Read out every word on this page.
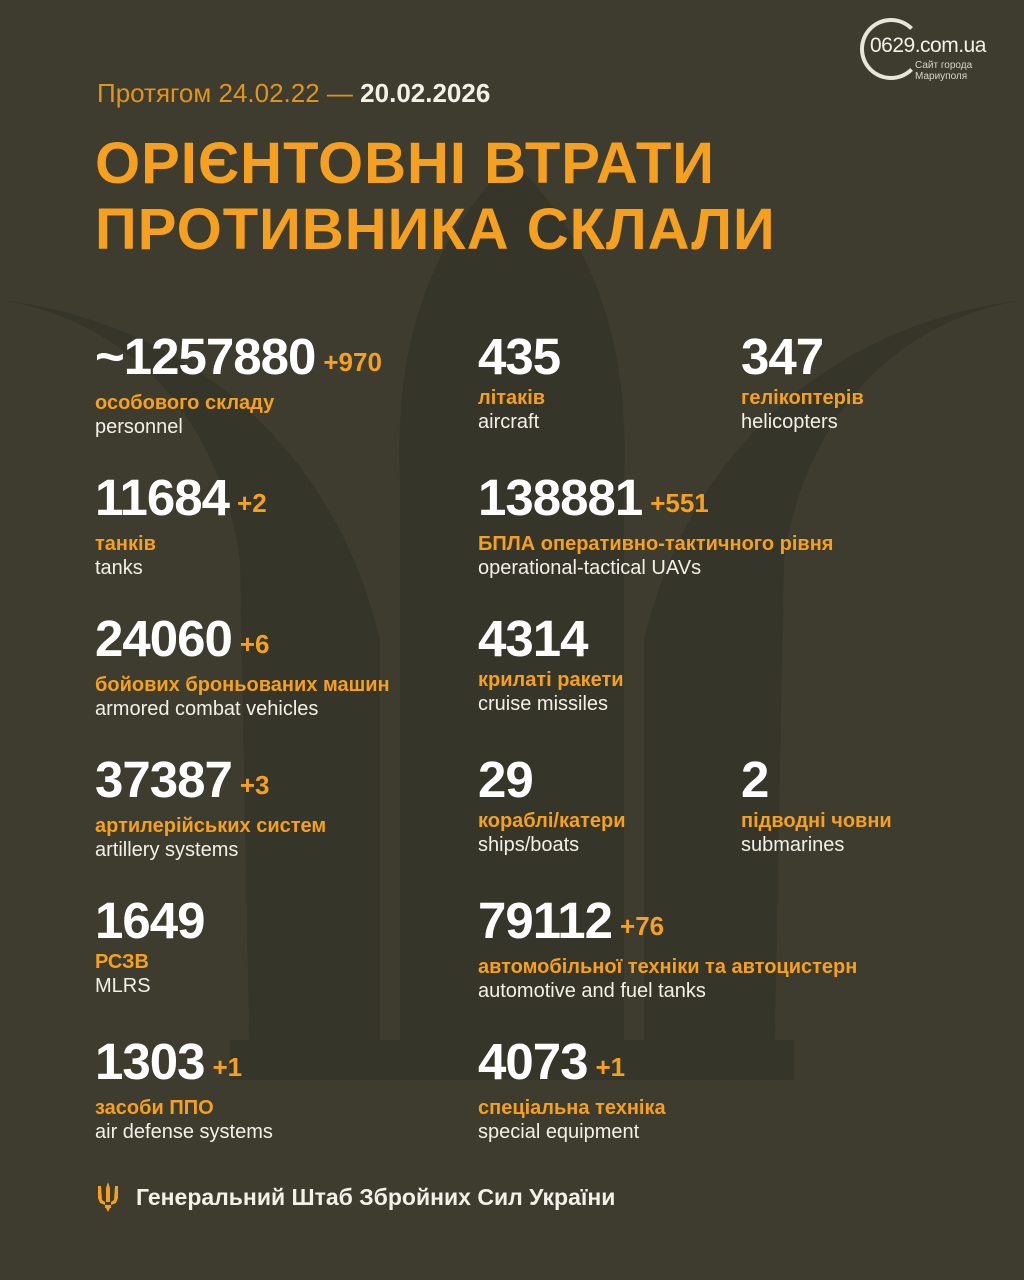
0629.com.ua
Сайт города
Мариуполя
Протягом 24.02.22 — 20.02.2026
ОРІЄНТОВНІ ВТРАТИ
ПРОТИВНИКА СКЛАЛИ
~1257880 +970
особового складу
personnel
11684 +2
танків
tanks
24060 +6
бойових броньованих машин
armored combat vehicles
37387 +3
артилерійських систем
artillery systems
1649
РСЗВ
MLRS
1303 +1
засоби ППО
air defense systems
435
літаків
aircraft
138881 +551
БПЛА оперативно-тактичного рівня
operational-tactical UAVs
4314
крилаті ракети
cruise missiles
29
кораблі/катери
ships/boats
79112 +76
автомобільної техніки та автоцистерн
automotive and fuel tanks
4073 +1
спеціальна техніка
special equipment
347
гелікоптерів
helicopters
2
підводні човни
submarines
Генеральний Штаб Збройних Сил України
